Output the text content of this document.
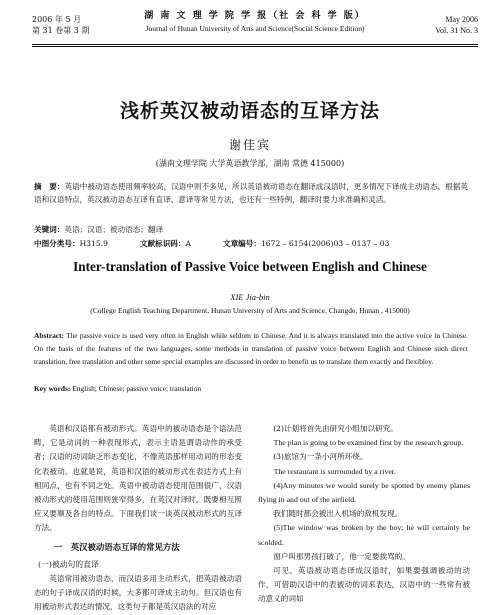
2006 年 5 月
第 31 卷第 3 期
湖 南 文 理 学 院 学 报（社 会 科 学 版）
Journal of Hunan University of Arts and Science(Social Science Edition)
May 2006
Vol. 31 No. 3
浅析英汉被动语态的互译方法
谢佳宾
(湖南文理学院 大学英语教学部，湖南 常德 415000)
摘　要：英语中被动语态使用频率较高，汉语中则不多见，所以英语被动语态在翻译成汉语时，更多情况下译成主动语态。根据英语和汉语特点，英汉被动语态互译有直译、意译等常见方法，也还有一些特例，翻译时要力求准确和灵活。
关键词：英语；汉语；被动语态；翻译
中图分类号：H315.9	文献标识码：A	文章编号：1672 – 6154(2006)03 – 0137 – 03
Inter-translation of Passive Voice between English and Chinese
XIE Jia-bin
(College English Teaching Department, Hunan University of Arts and Science. Changde, Hunan , 415000)
Abstract: The passive voice is used very often in English while seldom in Chinese. And it is always translated into the active voice in Chinese. On the basis of the features of the two languages, some methods in translation of passive voice between English and Chinese such direct translation, free translation and other some special examples are discussed in order to benefit us to translate them exactly and flexibley.
Key words: English; Chinese; passive voice; translation

英语和汉语都有被动形式。英语中的被动语态是个语法范畴，它是动词的一种表现形式，表示主语是谓语动作的承受者；汉语的动词缺乏形态变化，不像英语那样用动词的形态变化表被动。也就是说，英语和汉语的被动形式在表达方式上有相同点，也有不同之处。英语中被动语态使用范围很广，汉语被动形式的使用范围则狭窄得多，在英汉对译时，既要相互照应又要顺及各自的特点。下面我们谈一谈英汉被动形式的互译方法。

一　英汉被动语态互译的常见方法
(一)被动句的直译

英语常用被动语态，而汉语多用主动形式，把英语被动语态的句子译成汉语的时候，大多都可译成主动句。但汉语也有用被动形式表达的情况，这类句子都是英汉语法的对应

(2)计划将首先由研究小组加以研究。

The plan is going to be examined first by the research group.

(3)旅馆为一条小河所环绕。

The restaurant is surrounded by a river.

(4)Any minutes we would surely be spotted by enemy planes flying in and out of the airfield.

我们随时都会被出入机场的敌机发现。

(5)The window was broken by the boy; he will certainly be scolded.

窗户叫那男孩打破了，他一定要挨骂的。

可见，英语被动语态译成汉语时，如果要强调被动的动作，可借助汉语中的表被动的词来表达，汉语中的一些常有被动意义的词如
